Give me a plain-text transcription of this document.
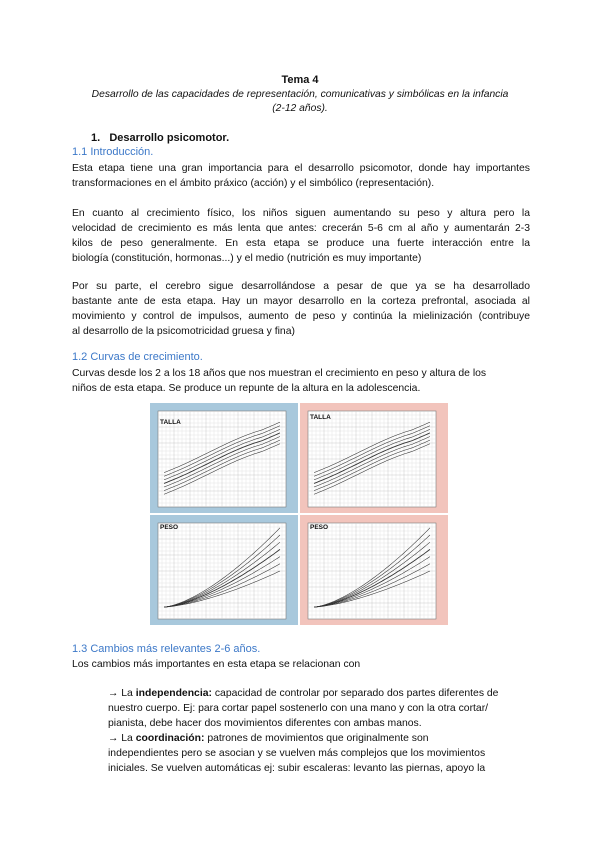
Tema 4
Desarrollo de las capacidades de representación, comunicativas y simbólicas en la infancia
(2-12 años).
1. Desarrollo psicomotor.
1.1 Introducción.
Esta etapa tiene una gran importancia para el desarrollo psicomotor, donde hay importantes
transformaciones en el ámbito práxico (acción) y el simbólico (representación).
En cuanto al crecimiento físico, los niños siguen aumentando su peso y altura pero la
velocidad de crecimiento es más lenta que antes: crecerán 5-6 cm al año y aumentarán 2-3
kilos de peso generalmente. En esta etapa se produce una fuerte interacción entre la
biología (constitución, hormonas...) y el medio (nutrición es muy importante)
Por su parte, el cerebro sigue desarrollándose a pesar de que ya se ha desarrollado
bastante ante de esta etapa. Hay un mayor desarrollo en la corteza prefrontal, asociada al
movimiento y control de impulsos, aumento de peso y continúa la mielinización (contribuye
al desarrollo de la psicomotricidad gruesa y fina)
1.2 Curvas de crecimiento.
Curvas desde los 2 a los 18 años que nos muestran el crecimiento en peso y altura de los
niños de esta etapa. Se produce un repunte de la altura en la adolescencia.
TALLA
TALLA
PESO	PESO
1.3 Cambios más relevantes 2-6 años.
Los cambios más importantes en esta etapa se relacionan con
→ La independencia: capacidad de controlar por separado dos partes diferentes de
nuestro cuerpo. Ej: para cortar papel sostenerlo con una mano y con la otra cortar/
pianista, debe hacer dos movimientos diferentes con ambas manos.
→ La coordinación: patrones de movimientos que originalmente son
independientes pero se asocian y se vuelven más complejos que los movimientos
iniciales. Se vuelven automáticas ej: subir escaleras: levanto las piernas, apoyo la
